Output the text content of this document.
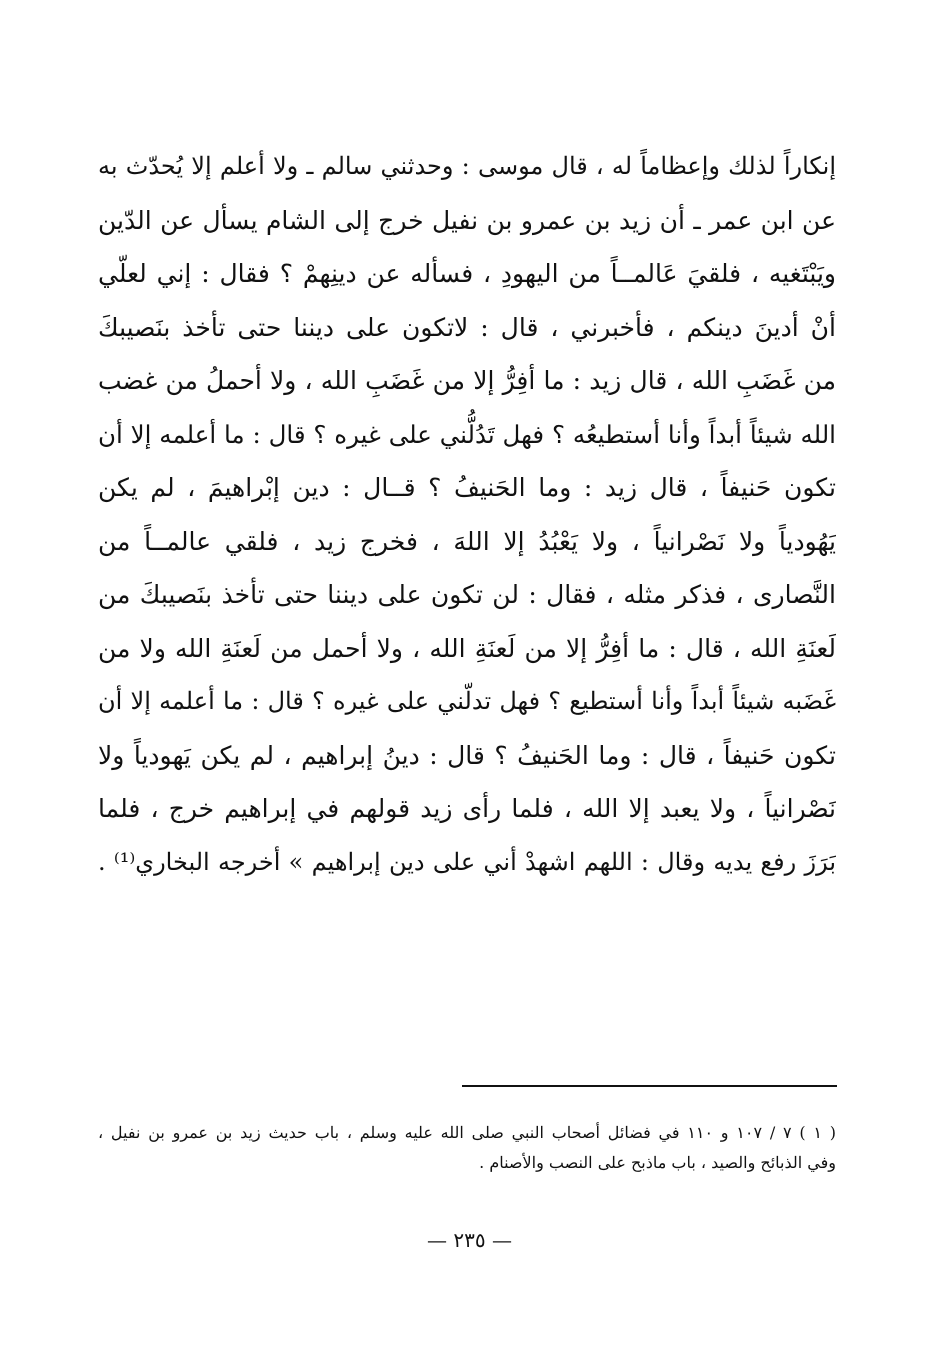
إنكاراً لذلك وإعظاماً له ، قال موسى : وحدثني سالم ـ ولا أعلم إلا يُحدّث به
عن ابن عمر ـ أن زيد بن عمرو بن نفيل خرج إلى الشام يسأل عن الدّين
ويَبْتَغيه ، فلقيَ عَالمــاً من اليهودِ ، فسأله عن دينِهمْ ؟ فقال : إني لعلّي
أنْ أدينَ دينكم ، فأخبرني ، قال : لاتكون على ديننا حتى تأخذ بنَصيبكَ
من غَضَبِ الله ، قال زيد : ما أفِرُّ إلا من غَضَبِ الله ، ولا أحملُ من غضب
الله شيئاً أبداً وأنا أستطيعُه ؟ فهل تَدُلُّني على غيره ؟ قال : ما أعلمه إلا أن
تكون حَنيفاً ، قال زيد : وما الحَنيفُ ؟ قــال : دين إبْراهيمَ ، لم يكن
يَهُودياً ولا نَصْرانياً ، ولا يَعْبُدُ إلا اللهَ ، فخرج زيد ، فلقي عالمــاً من
النَّصارى ، فذكر مثله ، فقال : لن تكون على ديننا حتى تأخذ بنَصيبكَ من
لَعنَةِ الله ، قال : ما أفِرُّ إلا من لَعنَةِ الله ، ولا أحمل من لَعنَةِ الله ولا من
غَضَبه شيئاً أبداً وأنا أستطيع ؟ فهل تدلّني على غيره ؟ قال : ما أعلمه إلا أن
تكون حَنيفاً ، قال : وما الحَنيفُ ؟ قال : دينُ إبراهيم ، لم يكن يَهودياً ولا
نَصْرانياً ، ولا يعبد إلا الله ، فلما رأى زيد قولهم في إبراهيم خرج ، فلما
بَرَزَ رفع يديه وقال : اللهم اشهدْ أني على دين إبراهيم » أخرجه البخاري⁽¹⁾ .
( ١ ) ٧ / ١٠٧ و ١١٠ في فضائل أصحاب النبي صلى الله عليه وسلم ، باب حديث زيد بن عمرو بن نفيل ،
وفي الذبائح والصيد ، باب ماذبح على النصب والأصنام .
— ٢٣٥ —
